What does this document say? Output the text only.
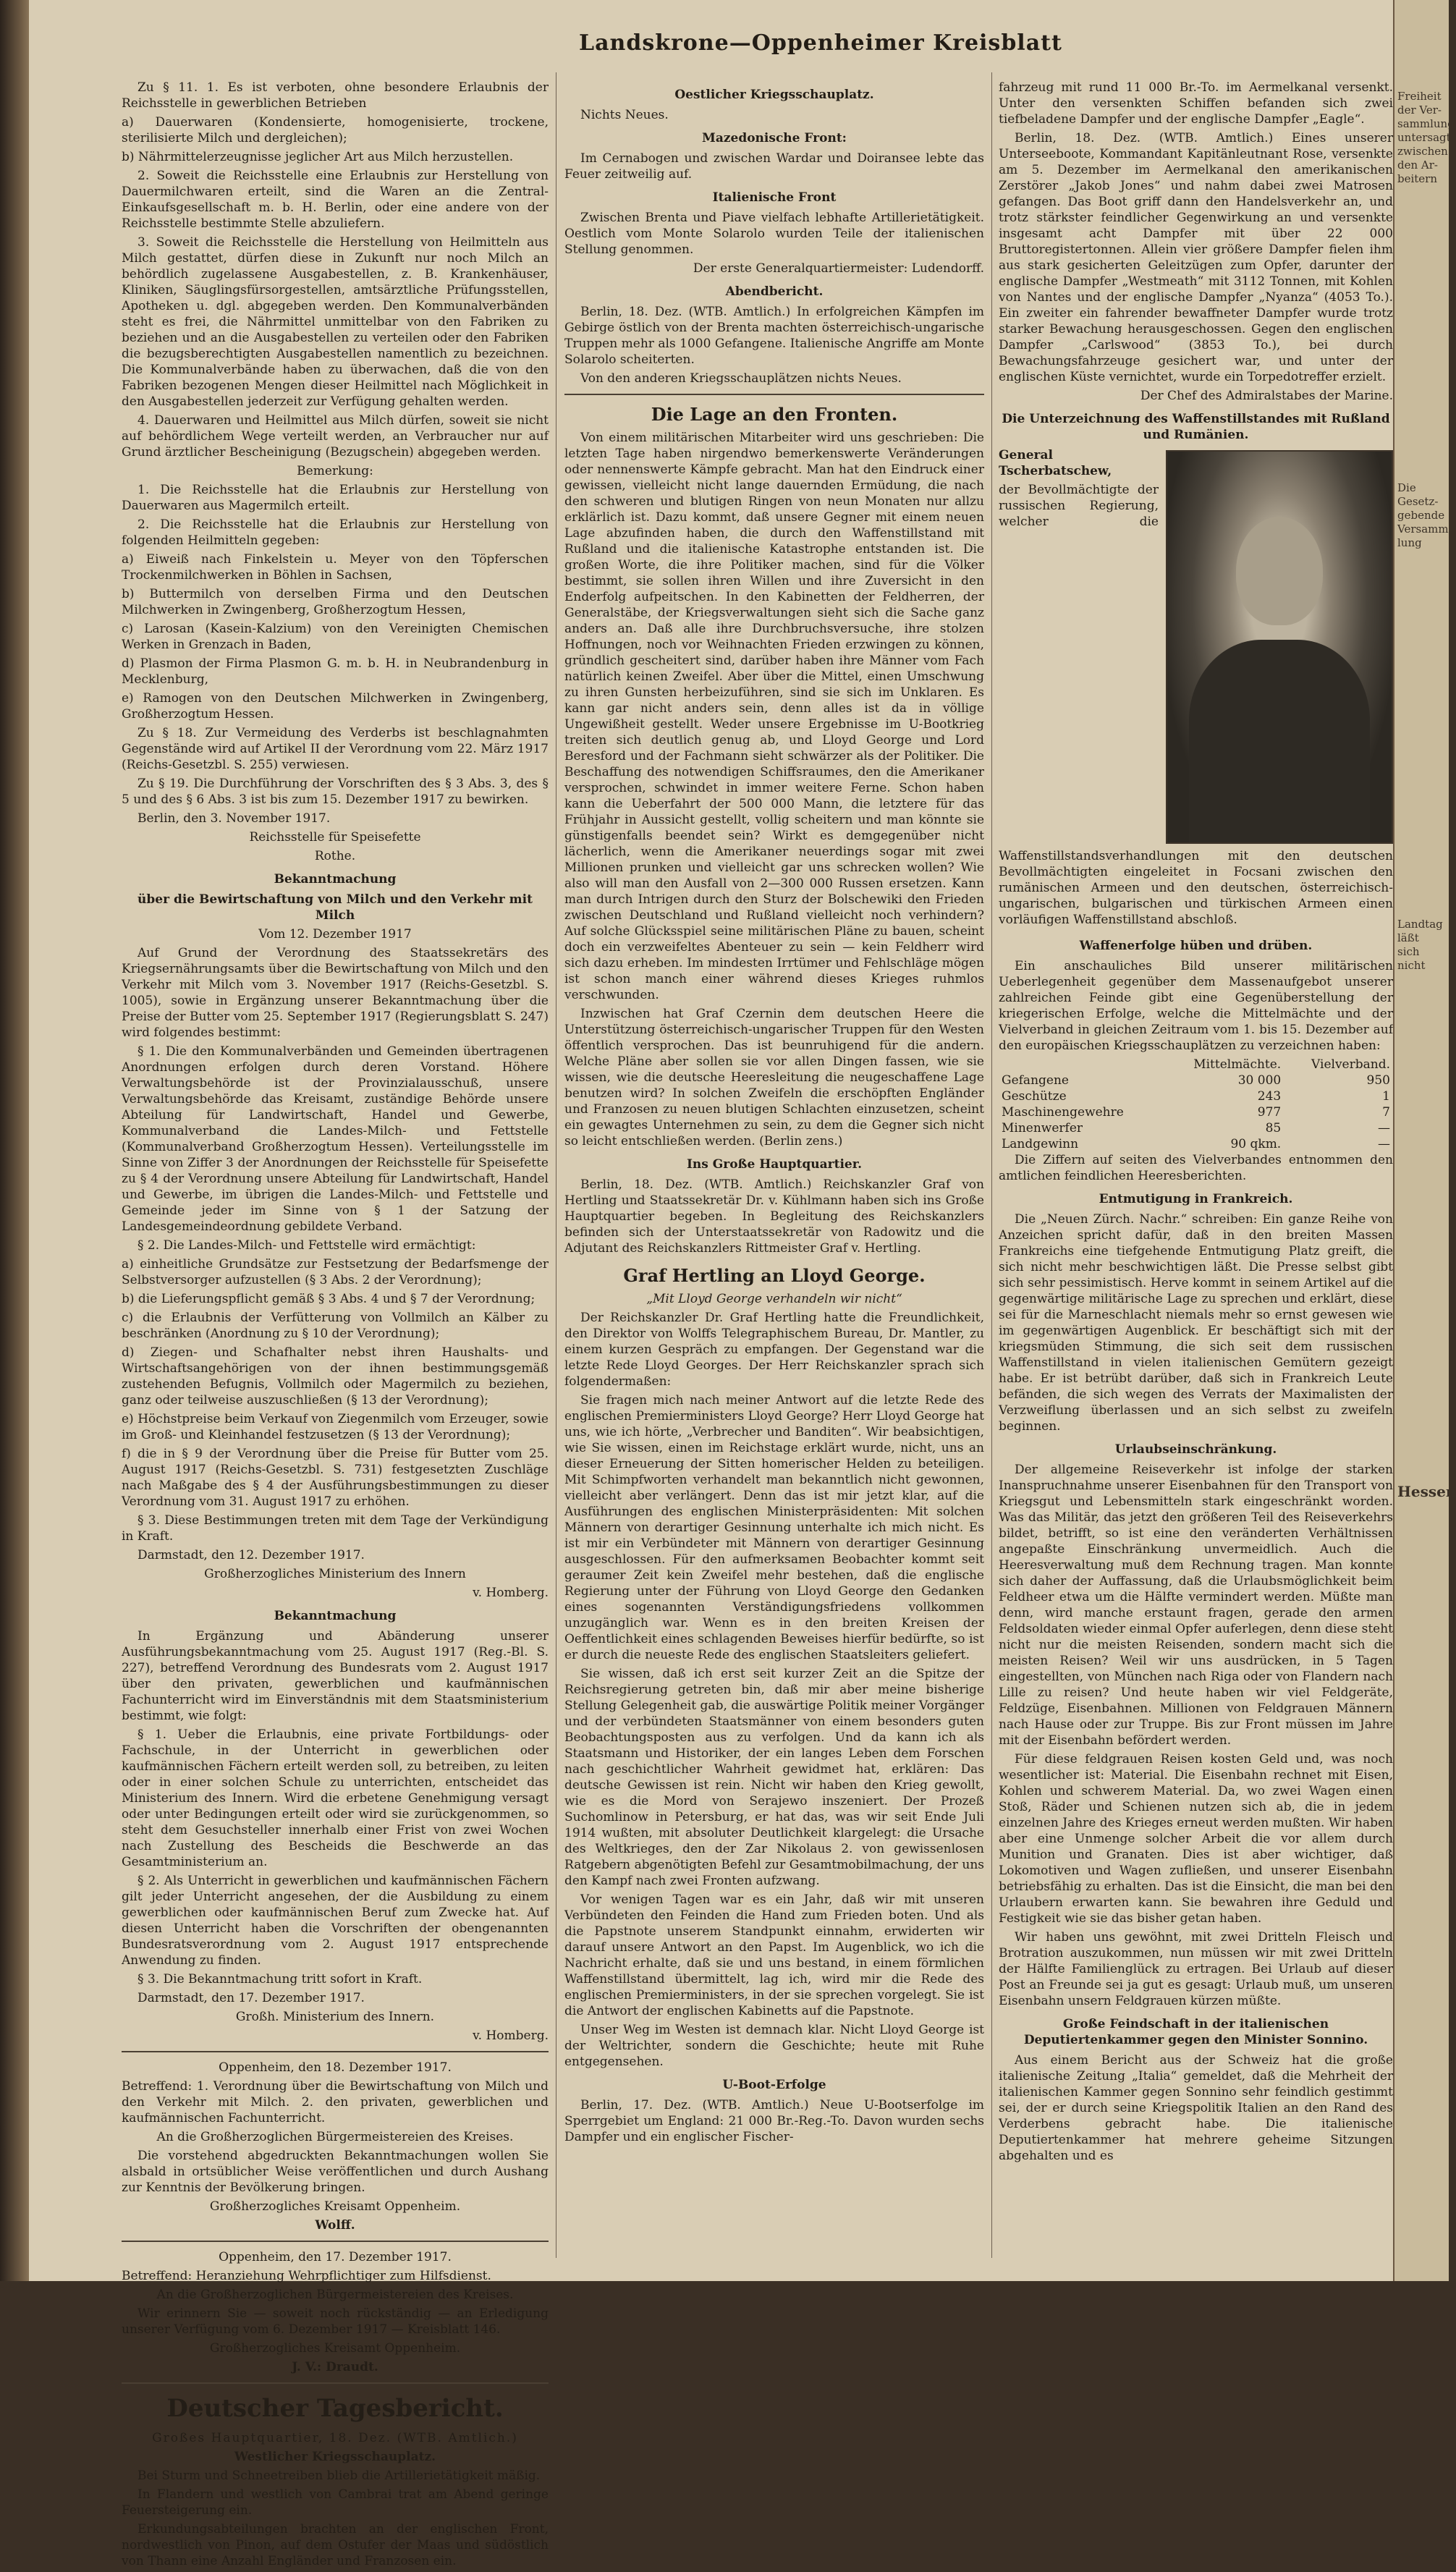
Landskrone—Oppenheimer Kreisblatt

Zu § 11. 1. Es ist verboten, ohne besondere Erlaubnis der Reichsstelle in gewerblichen Betrieben

a) Dauerwaren (Kondensierte, homogenisierte, trockene, sterilisierte Milch und dergleichen);

b) Nährmittelerzeugnisse jeglicher Art aus Milch herzustellen.

2. Soweit die Reichsstelle eine Erlaubnis zur Herstellung von Dauermilchwaren erteilt, sind die Waren an die Zentral-Einkaufsgesellschaft m. b. H. Berlin, oder eine andere von der Reichsstelle bestimmte Stelle abzuliefern.

3. Soweit die Reichsstelle die Herstellung von Heilmitteln aus Milch gestattet, dürfen diese in Zukunft nur noch Milch an behördlich zugelassene Ausgabestellen, z. B. Krankenhäuser, Kliniken, Säuglingsfürsorgestellen, amtsärztliche Prüfungsstellen, Apotheken u. dgl. abgegeben werden. Den Kommunalverbänden steht es frei, die Nährmittel unmittelbar von den Fabriken zu beziehen und an die Ausgabestellen zu verteilen oder den Fabriken die bezugsberechtigten Ausgabestellen namentlich zu bezeichnen. Die Kommunalverbände haben zu überwachen, daß die von den Fabriken bezogenen Mengen dieser Heilmittel nach Möglichkeit in den Ausgabestellen jederzeit zur Verfügung gehalten werden.

4. Dauerwaren und Heilmittel aus Milch dürfen, soweit sie nicht auf behördlichem Wege verteilt werden, an Verbraucher nur auf Grund ärztlicher Bescheinigung (Bezugschein) abgegeben werden.

Bemerkung:

1. Die Reichsstelle hat die Erlaubnis zur Herstellung von Dauerwaren aus Magermilch erteilt.

2. Die Reichsstelle hat die Erlaubnis zur Herstellung von folgenden Heilmitteln gegeben:

a) Eiweiß nach Finkelstein u. Meyer von den Töpferschen Trockenmilchwerken in Böhlen in Sachsen,

b) Buttermilch von derselben Firma und den Deutschen Milchwerken in Zwingenberg, Großherzogtum Hessen,

c) Larosan (Kasein-Kalzium) von den Vereinigten Chemischen Werken in Grenzach in Baden,

d) Plasmon der Firma Plasmon G. m. b. H. in Neubrandenburg in Mecklenburg,

e) Ramogen von den Deutschen Milchwerken in Zwingenberg, Großherzogtum Hessen.

Zu § 18. Zur Vermeidung des Verderbs ist beschlagnahmten Gegenstände wird auf Artikel II der Verordnung vom 22. März 1917 (Reichs-Gesetzbl. S. 255) verwiesen.

Zu § 19. Die Durchführung der Vorschriften des § 3 Abs. 3, des § 5 und des § 6 Abs. 3 ist bis zum 15. Dezember 1917 zu bewirken.

Berlin, den 3. November 1917.

Reichsstelle für Speisefette

Rothe.

Bekanntmachung

über die Bewirtschaftung von Milch und den Verkehr mit Milch

Vom 12. Dezember 1917

Auf Grund der Verordnung des Staatssekretärs des Kriegsernährungsamts über die Bewirtschaftung von Milch und den Verkehr mit Milch vom 3. November 1917 (Reichs-Gesetzbl. S. 1005), sowie in Ergänzung unserer Bekanntmachung über die Preise der Butter vom 25. September 1917 (Regierungsblatt S. 247) wird folgendes bestimmt:

§ 1. Die den Kommunalverbänden und Gemeinden übertragenen Anordnungen erfolgen durch deren Vorstand. Höhere Verwaltungsbehörde ist der Provinzialausschuß, unsere Verwaltungsbehörde das Kreisamt, zuständige Behörde unsere Abteilung für Landwirtschaft, Handel und Gewerbe, Kommunalverband die Landes-Milch- und Fettstelle (Kommunalverband Großherzogtum Hessen). Verteilungsstelle im Sinne von Ziffer 3 der Anordnungen der Reichsstelle für Speisefette zu § 4 der Verordnung unsere Abteilung für Landwirtschaft, Handel und Gewerbe, im übrigen die Landes-Milch- und Fettstelle und Gemeinde jeder im Sinne von § 1 der Satzung der Landesgemeindeordnung gebildete Verband.

§ 2. Die Landes-Milch- und Fettstelle wird ermächtigt:

a) einheitliche Grundsätze zur Festsetzung der Bedarfsmenge der Selbstversorger aufzustellen (§ 3 Abs. 2 der Verordnung);

b) die Lieferungspflicht gemäß § 3 Abs. 4 und § 7 der Verordnung;

c) die Erlaubnis der Verfütterung von Vollmilch an Kälber zu beschränken (Anordnung zu § 10 der Verordnung);

d) Ziegen- und Schafhalter nebst ihren Haushalts- und Wirtschaftsangehörigen von der ihnen bestimmungsgemäß zustehenden Befugnis, Vollmilch oder Magermilch zu beziehen, ganz oder teilweise auszuschließen (§ 13 der Verordnung);

e) Höchstpreise beim Verkauf von Ziegenmilch vom Erzeuger, sowie im Groß- und Kleinhandel festzusetzen (§ 13 der Verordnung);

f) die in § 9 der Verordnung über die Preise für Butter vom 25. August 1917 (Reichs-Gesetzbl. S. 731) festgesetzten Zuschläge nach Maßgabe des § 4 der Ausführungsbestimmungen zu dieser Verordnung vom 31. August 1917 zu erhöhen.

§ 3. Diese Bestimmungen treten mit dem Tage der Verkündigung in Kraft.

Darmstadt, den 12. Dezember 1917.

Großherzogliches Ministerium des Innern

v. Homberg.

Bekanntmachung

In Ergänzung und Abänderung unserer Ausführungsbekanntmachung vom 25. August 1917 (Reg.-Bl. S. 227), betreffend Verordnung des Bundesrats vom 2. August 1917 über den privaten, gewerblichen und kaufmännischen Fachunterricht wird im Einverständnis mit dem Staatsministerium bestimmt, wie folgt:

§ 1. Ueber die Erlaubnis, eine private Fortbildungs- oder Fachschule, in der Unterricht in gewerblichen oder kaufmännischen Fächern erteilt werden soll, zu betreiben, zu leiten oder in einer solchen Schule zu unterrichten, entscheidet das Ministerium des Innern. Wird die erbetene Genehmigung versagt oder unter Bedingungen erteilt oder wird sie zurückgenommen, so steht dem Gesuchsteller innerhalb einer Frist von zwei Wochen nach Zustellung des Bescheids die Beschwerde an das Gesamtministerium an.

§ 2. Als Unterricht in gewerblichen und kaufmännischen Fächern gilt jeder Unterricht angesehen, der die Ausbildung zu einem gewerblichen oder kaufmännischen Beruf zum Zwecke hat. Auf diesen Unterricht haben die Vorschriften der obengenannten Bundesratsverordnung vom 2. August 1917 entsprechende Anwendung zu finden.

§ 3. Die Bekanntmachung tritt sofort in Kraft.

Darmstadt, den 17. Dezember 1917.

Großh. Ministerium des Innern.

v. Homberg.

Oppenheim, den 18. Dezember 1917.

Betreffend: 1. Verordnung über die Bewirtschaftung von Milch und den Verkehr mit Milch. 2. den privaten, gewerblichen und kaufmännischen Fachunterricht.

An die Großherzoglichen Bürgermeistereien des Kreises.

Die vorstehend abgedruckten Bekanntmachungen wollen Sie alsbald in ortsüblicher Weise veröffentlichen und durch Aushang zur Kenntnis der Bevölkerung bringen.

Großherzogliches Kreisamt Oppenheim.

Wolff.

Oppenheim, den 17. Dezember 1917.

Betreffend: Heranziehung Wehrpflichtiger zum Hilfsdienst.

An die Großherzoglichen Bürgermeistereien des Kreises.

Wir erinnern Sie — soweit noch rückständig — an Erledigung unserer Verfügung vom 6. Dezember 1917 — Kreisblatt 146.

Großherzogliches Kreisamt Oppenheim.

J. V.: Draudt.

Deutscher Tagesbericht.

Großes Hauptquartier, 18. Dez. (WTB. Amtlich.)

Westlicher Kriegsschauplatz.

Bei Sturm und Schneetreiben blieb die Artillerietätigkeit mäßig.

In Flandern und westlich von Cambrai trat am Abend geringe Feuersteigerung ein.

Erkundungsabteilungen brachten an der englischen Front, nordwestlich von Pinon, auf dem Ostufer der Maas und südöstlich von Thann eine Anzahl Engländer und Franzosen ein.

Oestlicher Kriegsschauplatz.

Nichts Neues.

Mazedonische Front:

Im Cernabogen und zwischen Wardar und Doiransee lebte das Feuer zeitweilig auf.

Italienische Front

Zwischen Brenta und Piave vielfach lebhafte Artillerietätigkeit. Oestlich vom Monte Solarolo wurden Teile der italienischen Stellung genommen.

Der erste Generalquartiermeister: Ludendorff.

Abendbericht.

Berlin, 18. Dez. (WTB. Amtlich.) In erfolgreichen Kämpfen im Gebirge östlich von der Brenta machten österreichisch-ungarische Truppen mehr als 1000 Gefangene. Italienische Angriffe am Monte Solarolo scheiterten.

Von den anderen Kriegsschauplätzen nichts Neues.

Die Lage an den Fronten.

Von einem militärischen Mitarbeiter wird uns geschrieben: Die letzten Tage haben nirgendwo bemerkenswerte Veränderungen oder nennenswerte Kämpfe gebracht. Man hat den Eindruck einer gewissen, vielleicht nicht lange dauernden Ermüdung, die nach den schweren und blutigen Ringen von neun Monaten nur allzu erklärlich ist. Dazu kommt, daß unsere Gegner mit einem neuen Lage abzufinden haben, die durch den Waffenstillstand mit Rußland und die italienische Katastrophe entstanden ist. Die großen Worte, die ihre Politiker machen, sind für die Völker bestimmt, sie sollen ihren Willen und ihre Zuversicht in den Enderfolg aufpeitschen. In den Kabinetten der Feldherren, der Generalstäbe, der Kriegsverwaltungen sieht sich die Sache ganz anders an. Daß alle ihre Durchbruchsversuche, ihre stolzen Hoffnungen, noch vor Weihnachten Frieden erzwingen zu können, gründlich gescheitert sind, darüber haben ihre Männer vom Fach natürlich keinen Zweifel. Aber über die Mittel, einen Umschwung zu ihren Gunsten herbeizuführen, sind sie sich im Unklaren. Es kann gar nicht anders sein, denn alles ist da in völlige Ungewißheit gestellt. Weder unsere Ergebnisse im U-Bootkrieg treiten sich deutlich genug ab, und Lloyd George und Lord Beresford und der Fachmann sieht schwärzer als der Politiker. Die Beschaffung des notwendigen Schiffsraumes, den die Amerikaner versprochen, schwindet in immer weitere Ferne. Schon haben kann die Ueberfahrt der 500 000 Mann, die letztere für das Frühjahr in Aussicht gestellt, vollig scheitern und man könnte sie günstigenfalls beendet sein? Wirkt es demgegenüber nicht lächerlich, wenn die Amerikaner neuerdings sogar mit zwei Millionen prunken und vielleicht gar uns schrecken wollen? Wie also will man den Ausfall von 2—300 000 Russen ersetzen. Kann man durch Intrigen durch den Sturz der Bolschewiki den Frieden zwischen Deutschland und Rußland vielleicht noch verhindern? Auf solche Glücksspiel seine militärischen Pläne zu bauen, scheint doch ein verzweifeltes Abenteuer zu sein — kein Feldherr wird sich dazu erheben. Im mindesten Irrtümer und Fehlschläge mögen ist schon manch einer während dieses Krieges ruhmlos verschwunden.

Inzwischen hat Graf Czernin dem deutschen Heere die Unterstützung österreichisch-ungarischer Truppen für den Westen öffentlich versprochen. Das ist beunruhigend für die andern. Welche Pläne aber sollen sie vor allen Dingen fassen, wie sie wissen, wie die deutsche Heeresleitung die neugeschaffene Lage benutzen wird? In solchen Zweifeln die erschöpften Engländer und Franzosen zu neuen blutigen Schlachten einzusetzen, scheint ein gewagtes Unternehmen zu sein, zu dem die Gegner sich nicht so leicht entschließen werden. (Berlin zens.)

Ins Große Hauptquartier.

Berlin, 18. Dez. (WTB. Amtlich.) Reichskanzler Graf von Hertling und Staatssekretär Dr. v. Kühlmann haben sich ins Große Hauptquartier begeben. In Begleitung des Reichskanzlers befinden sich der Unterstaatssekretär von Radowitz und die Adjutant des Reichskanzlers Rittmeister Graf v. Hertling.

Graf Hertling an Lloyd George.

„Mit Lloyd George verhandeln wir nicht“

Der Reichskanzler Dr. Graf Hertling hatte die Freundlichkeit, den Direktor von Wolffs Telegraphischem Bureau, Dr. Mantler, zu einem kurzen Gespräch zu empfangen. Der Gegenstand war die letzte Rede Lloyd Georges. Der Herr Reichskanzler sprach sich folgendermaßen:

Sie fragen mich nach meiner Antwort auf die letzte Rede des englischen Premierministers Lloyd George? Herr Lloyd George hat uns, wie ich hörte, „Verbrecher und Banditen“. Wir beabsichtigen, wie Sie wissen, einen im Reichstage erklärt wurde, nicht, uns an dieser Erneuerung der Sitten homerischer Helden zu beteiligen. Mit Schimpfworten verhandelt man bekanntlich nicht gewonnen, vielleicht aber verlängert. Denn das ist mir jetzt klar, auf die Ausführungen des englischen Ministerpräsidenten: Mit solchen Männern von derartiger Gesinnung unterhalte ich mich nicht. Es ist mir ein Verbündeter mit Männern von derartiger Gesinnung ausgeschlossen. Für den aufmerksamen Beobachter kommt seit geraumer Zeit kein Zweifel mehr bestehen, daß die englische Regierung unter der Führung von Lloyd George den Gedanken eines sogenannten Verständigungsfriedens vollkommen unzugänglich war. Wenn es in den breiten Kreisen der Oeffentlichkeit eines schlagenden Beweises hierfür bedürfte, so ist er durch die neueste Rede des englischen Staatsleiters geliefert.

Sie wissen, daß ich erst seit kurzer Zeit an die Spitze der Reichsregierung getreten bin, daß mir aber meine bisherige Stellung Gelegenheit gab, die auswärtige Politik meiner Vorgänger und der verbündeten Staatsmänner von einem besonders guten Beobachtungsposten aus zu verfolgen. Und da kann ich als Staatsmann und Historiker, der ein langes Leben dem Forschen nach geschichtlicher Wahrheit gewidmet hat, erklären: Das deutsche Gewissen ist rein. Nicht wir haben den Krieg gewollt, wie es die Mord von Serajewo inszeniert. Der Prozeß Suchomlinow in Petersburg, er hat das, was wir seit Ende Juli 1914 wußten, mit absoluter Deutlichkeit klargelegt: die Ursache des Weltkrieges, den der Zar Nikolaus 2. von gewissenlosen Ratgebern abgenötigten Befehl zur Gesamtmobilmachung, der uns den Kampf nach zwei Fronten aufzwang.

Vor wenigen Tagen war es ein Jahr, daß wir mit unseren Verbündeten den Feinden die Hand zum Frieden boten. Und als die Papstnote unserem Standpunkt einnahm, erwiderten wir darauf unsere Antwort an den Papst. Im Augenblick, wo ich die Nachricht erhalte, daß sie und uns bestand, in einem förmlichen Waffenstillstand übermittelt, lag ich, wird mir die Rede des englischen Premierministers, in der sie sprechen vorgelegt. Sie ist die Antwort der englischen Kabinetts auf die Papstnote.

Unser Weg im Westen ist demnach klar. Nicht Lloyd George ist der Weltrichter, sondern die Geschichte; heute mit Ruhe entgegensehen.

U-Boot-Erfolge

Berlin, 17. Dez. (WTB. Amtlich.) Neue U-Bootserfolge im Sperrgebiet um England: 21 000 Br.-Reg.-To. Davon wurden sechs Dampfer und ein englischer Fischer-

fahrzeug mit rund 11 000 Br.-To. im Aermelkanal versenkt. Unter den versenkten Schiffen befanden sich zwei tiefbeladene Dampfer und der englische Dampfer „Eagle“.

Berlin, 18. Dez. (WTB. Amtlich.) Eines unserer Unterseeboote, Kommandant Kapitänleutnant Rose, versenkte am 5. Dezember im Aermelkanal den amerikanischen Zerstörer „Jakob Jones“ und nahm dabei zwei Matrosen gefangen. Das Boot griff dann den Handelsverkehr an, und trotz stärkster feindlicher Gegenwirkung an und versenkte insgesamt acht Dampfer mit über 22 000 Bruttoregistertonnen. Allein vier größere Dampfer fielen ihm aus stark gesicherten Geleitzügen zum Opfer, darunter der englische Dampfer „Westmeath“ mit 3112 Tonnen, mit Kohlen von Nantes und der englische Dampfer „Nyanza“ (4053 To.). Ein zweiter ein fahrender bewaffneter Dampfer wurde trotz starker Bewachung herausgeschossen. Gegen den englischen Dampfer „Carlswood“ (3853 To.), bei durch Bewachungsfahrzeuge gesichert war, und unter der englischen Küste vernichtet, wurde ein Torpedotreffer erzielt.

Der Chef des Admiralstabes der Marine.

Die Unterzeichnung des Waffenstillstandes mit Rußland und Rumänien.

General Tscherbatschew,

der Bevollmächtigte der russischen Regierung, welcher die Waffenstillstandsverhandlungen mit den deutschen Bevollmächtigten eingeleitet in Focsani zwischen den rumänischen Armeen und den deutschen, österreichisch-ungarischen, bulgarischen und türkischen Armeen einen vorläufigen Waffenstillstand abschloß.

Waffenerfolge hüben und drüben.

Ein anschauliches Bild unserer militärischen Ueberlegenheit gegenüber dem Massenaufgebot unserer zahlreichen Feinde gibt eine Gegenüberstellung der kriegerischen Erfolge, welche die Mittelmächte und der Vielverband in gleichen Zeitraum vom 1. bis 15. Dezember auf den europäischen Kriegsschauplätzen zu verzeichnen haben:

	Mittelmächte.	Vielverband.
Gefangene	30 000	950
Geschütze	243	1
Maschinengewehre	977	7
Minenwerfer	85	—
Landgewinn	90 qkm.	—

Die Ziffern auf seiten des Vielverbandes entnommen den amtlichen feindlichen Heeresberichten.

Entmutigung in Frankreich.

Die „Neuen Zürch. Nachr.“ schreiben: Ein ganze Reihe von Anzeichen spricht dafür, daß in den breiten Massen Frankreichs eine tiefgehende Entmutigung Platz greift, die sich nicht mehr beschwichtigen läßt. Die Presse selbst gibt sich sehr pessimistisch. Herve kommt in seinem Artikel auf die gegenwärtige militärische Lage zu sprechen und erklärt, diese sei für die Marneschlacht niemals mehr so ernst gewesen wie im gegenwärtigen Augenblick. Er beschäftigt sich mit der kriegsmüden Stimmung, die sich seit dem russischen Waffenstillstand in vielen italienischen Gemütern gezeigt habe. Er ist betrübt darüber, daß sich in Frankreich Leute befänden, die sich wegen des Verrats der Maximalisten der Verzweiflung überlassen und an sich selbst zu zweifeln beginnen.

Urlaubseinschränkung.

Der allgemeine Reiseverkehr ist infolge der starken Inanspruchnahme unserer Eisenbahnen für den Transport von Kriegsgut und Lebensmitteln stark eingeschränkt worden. Was das Militär, das jetzt den größeren Teil des Reiseverkehrs bildet, betrifft, so ist eine den veränderten Verhältnissen angepaßte Einschränkung unvermeidlich. Auch die Heeresverwaltung muß dem Rechnung tragen. Man konnte sich daher der Auffassung, daß die Urlaubsmöglichkeit beim Feldheer etwa um die Hälfte vermindert werden. Müßte man denn, wird manche erstaunt fragen, gerade den armen Feldsoldaten wieder einmal Opfer auferlegen, denn diese steht nicht nur die meisten Reisenden, sondern macht sich die meisten Reisen? Weil wir uns ausdrücken, in 5 Tagen eingestellten, von München nach Riga oder von Flandern nach Lille zu reisen? Und heute haben wir viel Feldgeräte, Feldzüge, Eisenbahnen. Millionen von Feldgrauen Männern nach Hause oder zur Truppe. Bis zur Front müssen im Jahre mit der Eisenbahn befördert werden.

Für diese feldgrauen Reisen kosten Geld und, was noch wesentlicher ist: Material. Die Eisenbahn rechnet mit Eisen, Kohlen und schwerem Material. Da, wo zwei Wagen einen Stoß, Räder und Schienen nutzen sich ab, die in jedem einzelnen Jahre des Krieges erneut werden mußten. Wir haben aber eine Unmenge solcher Arbeit die vor allem durch Munition und Granaten. Dies ist aber wichtiger, daß Lokomotiven und Wagen zufließen, und unserer Eisenbahn betriebsfähig zu erhalten. Das ist die Einsicht, die man bei den Urlaubern erwarten kann. Sie bewahren ihre Geduld und Festigkeit wie sie das bisher getan haben.

Wir haben uns gewöhnt, mit zwei Dritteln Fleisch und Brotration auszukommen, nun müssen wir mit zwei Dritteln der Hälfte Familienglück zu ertragen. Bei Urlaub auf dieser Post an Freunde sei ja gut es gesagt: Urlaub muß, um unseren Eisenbahn unsern Feldgrauen kürzen müßte.

Große Feindschaft in der italienischen Deputiertenkammer gegen den Minister Sonnino.

Aus einem Bericht aus der Schweiz hat die große italienische Zeitung „Italia“ gemeldet, daß die Mehrheit der italienischen Kammer gegen Sonnino sehr feindlich gestimmt sei, der er durch seine Kriegspolitik Italien an den Rand des Verderbens gebracht habe. Die italienische Deputiertenkammer hat mehrere geheime Sitzungen abgehalten und es

Freiheit
der Ver-
sammlung
untersagt
zwischen
den Ar-
beitern
Die Gesetz-
gebende
Versamm-
lung
Landtag
läßt
sich
nicht
Hessen
